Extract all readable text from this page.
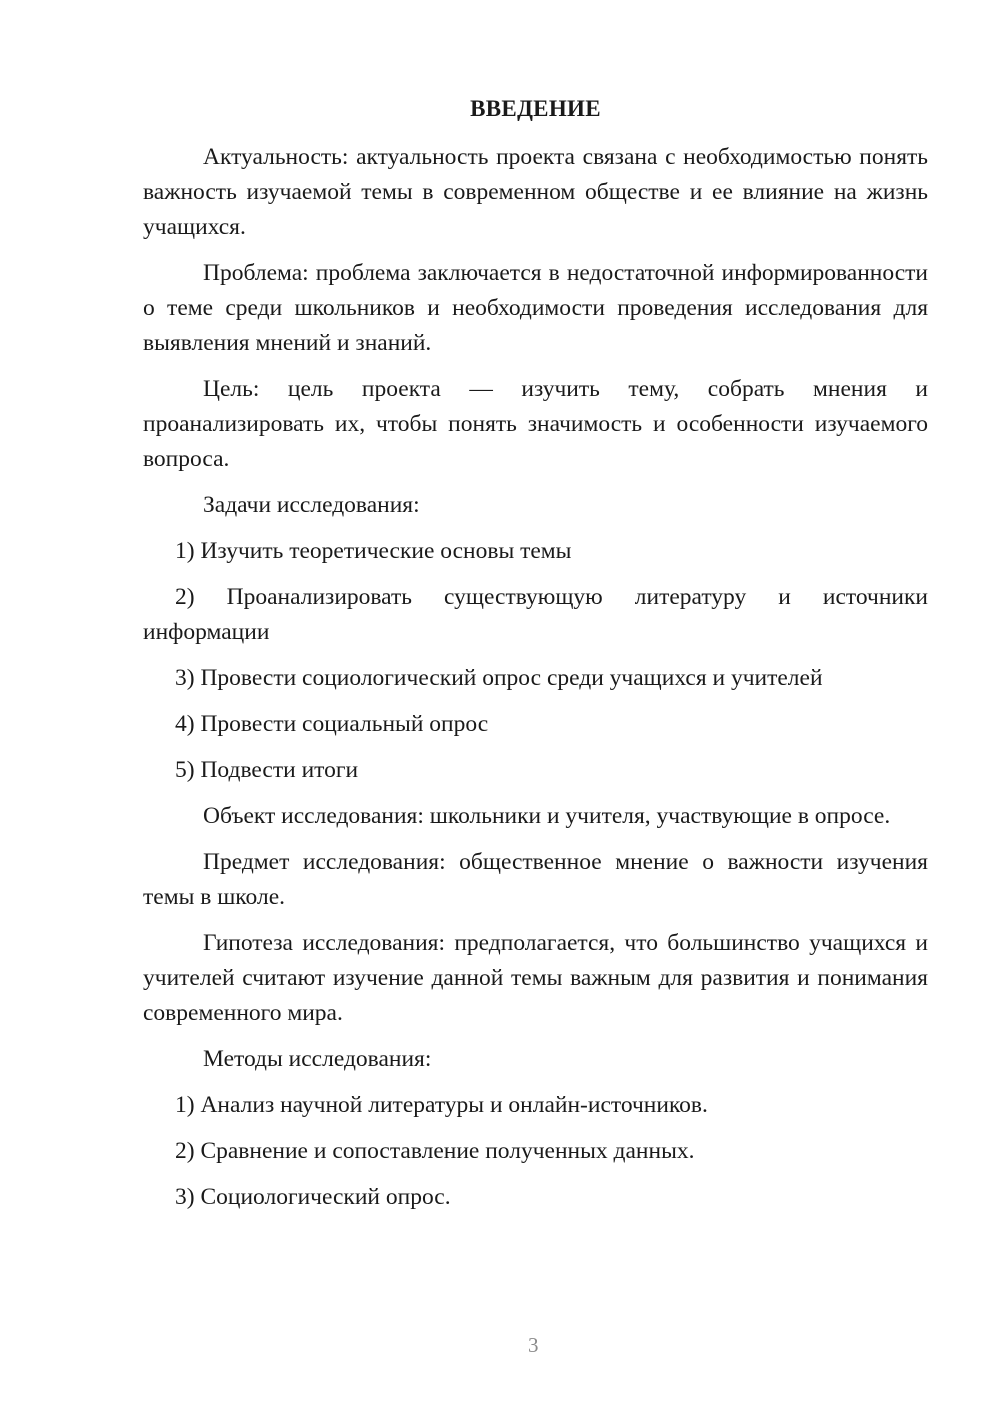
ВВЕДЕНИЕ

Актуальность: актуальность проекта связана с необходимостью понять важность изучаемой темы в современном обществе и ее влияние на жизнь учащихся.

Проблема: проблема заключается в недостаточной информированности о теме среди школьников и необходимости проведения исследования для выявления мнений и знаний.

Цель: цель проекта — изучить тему, собрать мнения и проанализировать их, чтобы понять значимость и особенности изучаемого вопроса.

Задачи исследования:

1) Изучить теоретические основы темы

2) Проанализировать существующую литературу и источники информации

3) Провести социологический опрос среди учащихся и учителей

4) Провести социальный опрос

5) Подвести итоги

Объект исследования: школьники и учителя, участвующие в опросе.

Предмет исследования: общественное мнение о важности изучения темы в школе.

Гипотеза исследования: предполагается, что большинство учащихся и учителей считают изучение данной темы важным для развития и понимания современного мира.

Методы исследования:

1) Анализ научной литературы и онлайн-источников.

2) Сравнение и сопоставление полученных данных.

3) Социологический опрос.

3
